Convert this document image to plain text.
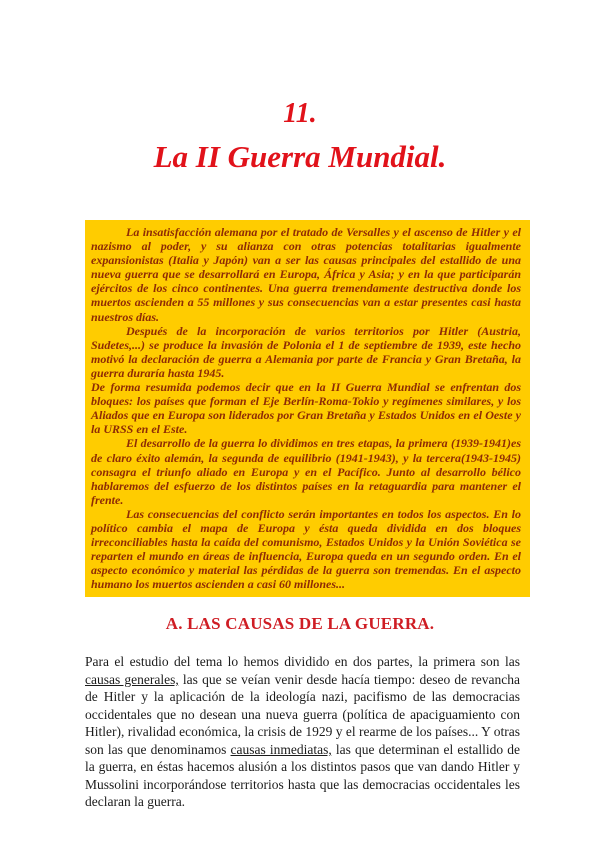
11.
La II Guerra Mundial.

La insatisfacción alemana por el tratado de Versalles y el ascenso de Hitler y el nazismo al poder, y su alianza con otras potencias totalitarias igualmente expansionistas (Italia y Japón) van a ser las causas principales del estallido de una nueva guerra que se desarrollará en Europa, África y Asia; y en la que participarán ejércitos de los cinco continentes. Una guerra tremendamente destructiva donde los muertos ascienden a 55 millones y sus consecuencias van a estar presentes casi hasta nuestros días.

Después de la incorporación de varios territorios por Hitler (Austria, Sudetes,...) se produce la invasión de Polonia el 1 de septiembre de 1939, este hecho motivó la declaración de guerra a Alemania por parte de Francia y Gran Bretaña, la guerra duraría hasta 1945.

De forma resumida podemos decir que en la II Guerra Mundial se enfrentan dos bloques: los países que forman el Eje Berlín-Roma-Tokio y regímenes similares, y los Aliados que en Europa son liderados por Gran Bretaña y Estados Unidos en el Oeste y la URSS en el Este.

El desarrollo de la guerra lo dividimos en tres etapas, la primera (1939-1941)es de claro éxito alemán, la segunda de equilibrio (1941-1943), y la tercera(1943-1945) consagra el triunfo aliado en Europa y en el Pacífico. Junto al desarrollo bélico hablaremos del esfuerzo de los distintos países en la retaguardia para mantener el frente.

Las consecuencias del conflicto serán importantes en todos los aspectos. En lo político cambia el mapa de Europa y ésta queda dividida en dos bloques irreconciliables hasta la caída del comunismo, Estados Unidos y la Unión Soviética se reparten el mundo en áreas de influencia, Europa queda en un segundo orden. En el aspecto económico y material las pérdidas de la guerra son tremendas. En el aspecto humano los muertos ascienden a casi 60 millones...

A. LAS CAUSAS DE LA GUERRA.

Para el estudio del tema lo hemos dividido en dos partes, la primera son las causas generales, las que se veían venir desde hacía tiempo: deseo de revancha de Hitler y la aplicación de la ideología nazi, pacifismo de las democracias occidentales que no desean una nueva guerra (política de apaciguamiento con Hitler), rivalidad económica, la crisis de 1929 y el rearme de los países... Y otras son las que denominamos causas inmediatas, las que determinan el estallido de la guerra, en éstas hacemos alusión a los distintos pasos que van dando Hitler y Mussolini incorporándose territorios hasta que las democracias occidentales les declaran la guerra.
